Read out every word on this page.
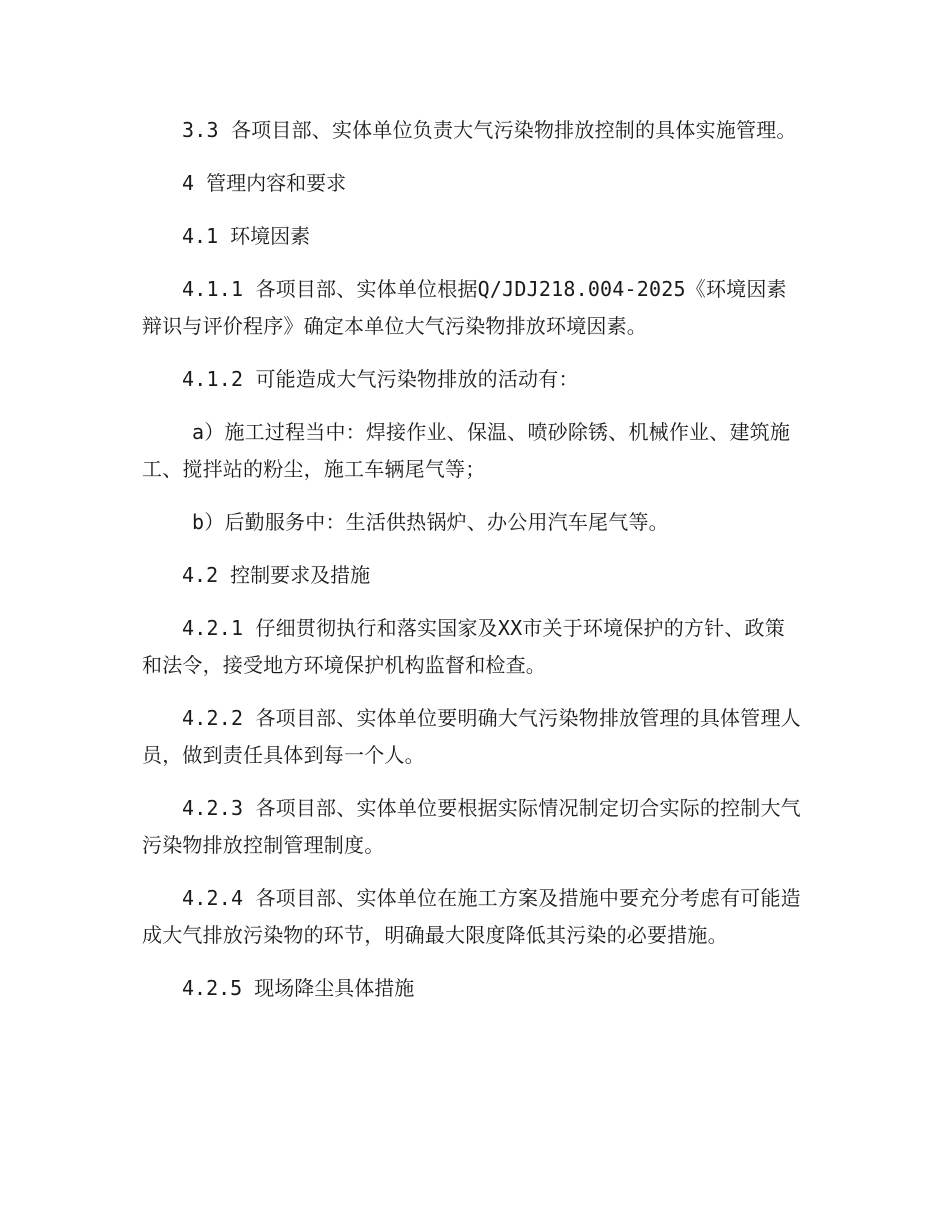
3.3 各项目部、实体单位负责大气污染物排放控制的具体实施管理。

4 管理内容和要求

4.1 环境因素

4.1.1 各项目部、实体单位根据Q/JDJ218.004-2025《环境因素辩识与评价程序》确定本单位大气污染物排放环境因素。

4.1.2 可能造成大气污染物排放的活动有：

a）施工过程当中：焊接作业、保温、喷砂除锈、机械作业、建筑施工、搅拌站的粉尘，施工车辆尾气等；

b）后勤服务中：生活供热锅炉、办公用汽车尾气等。

4.2 控制要求及措施

4.2.1 仔细贯彻执行和落实国家及XX市关于环境保护的方针、政策和法令，接受地方环境保护机构监督和检查。

4.2.2 各项目部、实体单位要明确大气污染物排放管理的具体管理人员，做到责任具体到每一个人。

4.2.3 各项目部、实体单位要根据实际情况制定切合实际的控制大气污染物排放控制管理制度。

4.2.4 各项目部、实体单位在施工方案及措施中要充分考虑有可能造成大气排放污染物的环节，明确最大限度降低其污染的必要措施。

4.2.5 现场降尘具体措施
